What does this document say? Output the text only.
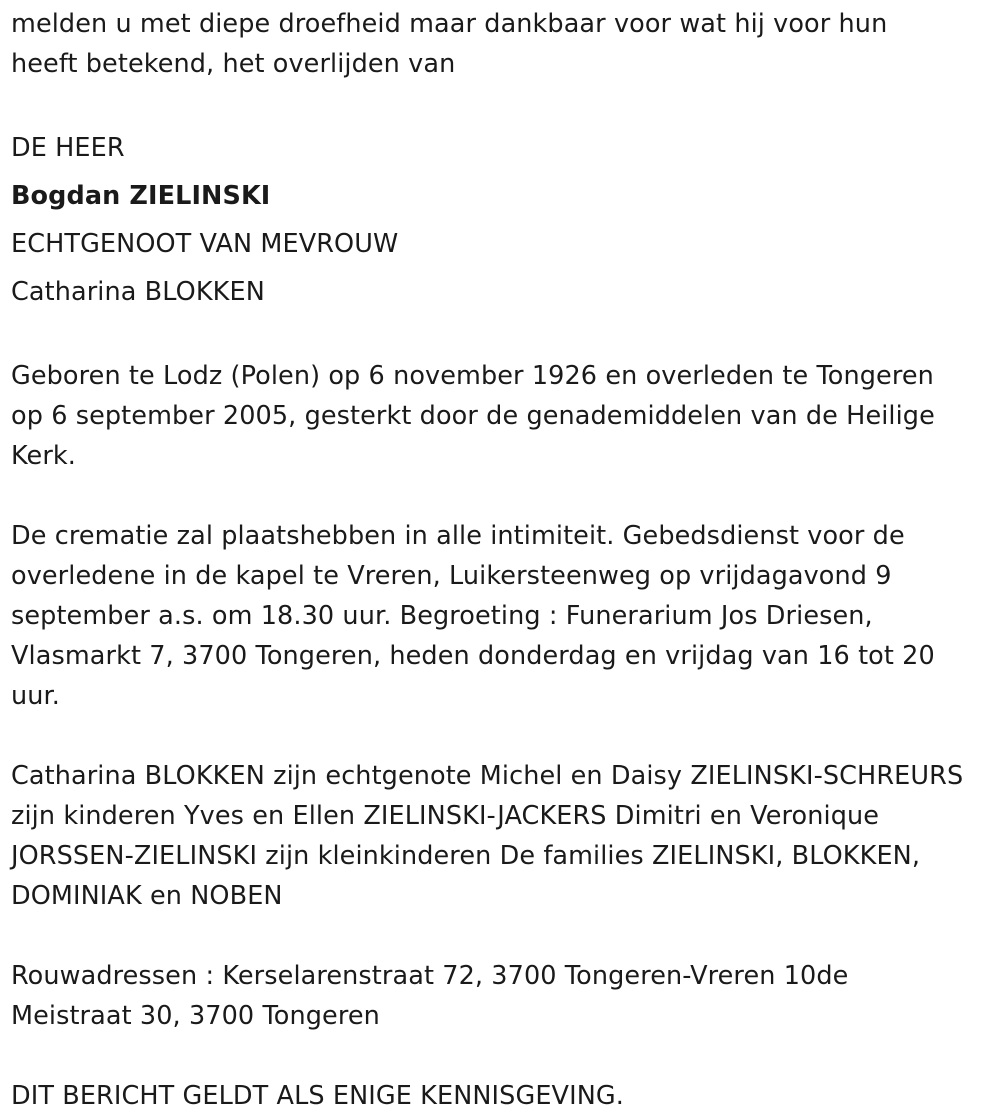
melden u met diepe droefheid maar dankbaar voor wat hij voor hun
heeft betekend, het overlijden van
DE HEER
Bogdan ZIELINSKI
ECHTGENOOT VAN MEVROUW
Catharina BLOKKEN
Geboren te Lodz (Polen) op 6 november 1926 en overleden te Tongeren
op 6 september 2005, gesterkt door de genademiddelen van de Heilige
Kerk.
De crematie zal plaatshebben in alle intimiteit. Gebedsdienst voor de
overledene in de kapel te Vreren, Luikersteenweg op vrijdagavond 9
september a.s. om 18.30 uur. Begroeting : Funerarium Jos Driesen,
Vlasmarkt 7, 3700 Tongeren, heden donderdag en vrijdag van 16 tot 20
uur.
Catharina BLOKKEN zijn echtgenote Michel en Daisy ZIELINSKI-SCHREURS
zijn kinderen Yves en Ellen ZIELINSKI-JACKERS Dimitri en Veronique
JORSSEN-ZIELINSKI zijn kleinkinderen De families ZIELINSKI, BLOKKEN,
DOMINIAK en NOBEN
Rouwadressen : Kerselarenstraat 72, 3700 Tongeren-Vreren 10de
Meistraat 30, 3700 Tongeren
DIT BERICHT GELDT ALS ENIGE KENNISGEVING.
